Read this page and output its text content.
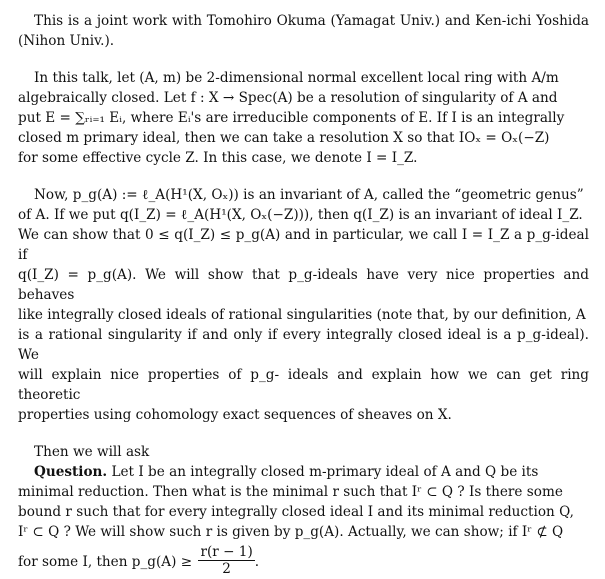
This is a joint work with Tomohiro Okuma (Yamagat Univ.) and Ken-ichi Yoshida (Nihon Univ.).

In this talk, let (A, m) be 2-dimensional normal excellent local ring with A/m
algebraically closed. Let f : X → Spec(A) be a resolution of singularity of A and
put E = ∑ᵣᵢ₌₁ Eᵢ, where Eᵢ's are irreducible components of E. If I is an integrally
closed m primary ideal, then we can take a resolution X so that IOₓ = Oₓ(−Z)
for some effective cycle Z. In this case, we denote I = I_Z.

Now, p_g(A) := ℓ_A(H¹(X, Oₓ)) is an invariant of A, called the “geometric genus”
of A. If we put q(I_Z) = ℓ_A(H¹(X, Oₓ(−Z))), then q(I_Z) is an invariant of ideal I_Z.
We can show that 0 ≤ q(I_Z) ≤ p_g(A) and in particular, we call I = I_Z a p_g-ideal if
q(I_Z) = p_g(A). We will show that p_g-ideals have very nice properties and behaves
like integrally closed ideals of rational singularities (note that, by our definition, A
is a rational singularity if and only if every integrally closed ideal is a p_g-ideal). We
will explain nice properties of p_g- ideals and explain how we can get ring theoretic
properties using cohomology exact sequences of sheaves on X.

Then we will ask
Question. Let I be an integrally closed m-primary ideal of A and Q be its
minimal reduction. Then what is the minimal r such that Iʳ ⊂ Q ? Is there some
bound r such that for every integrally closed ideal I and its minimal reduction Q,
Iʳ ⊂ Q ? We will show such r is given by p_g(A). Actually, we can show; if Iʳ ⊄ Q
for some I, then p_g(A) ≥ $\frac{r(r - 1)}{2}$ .
